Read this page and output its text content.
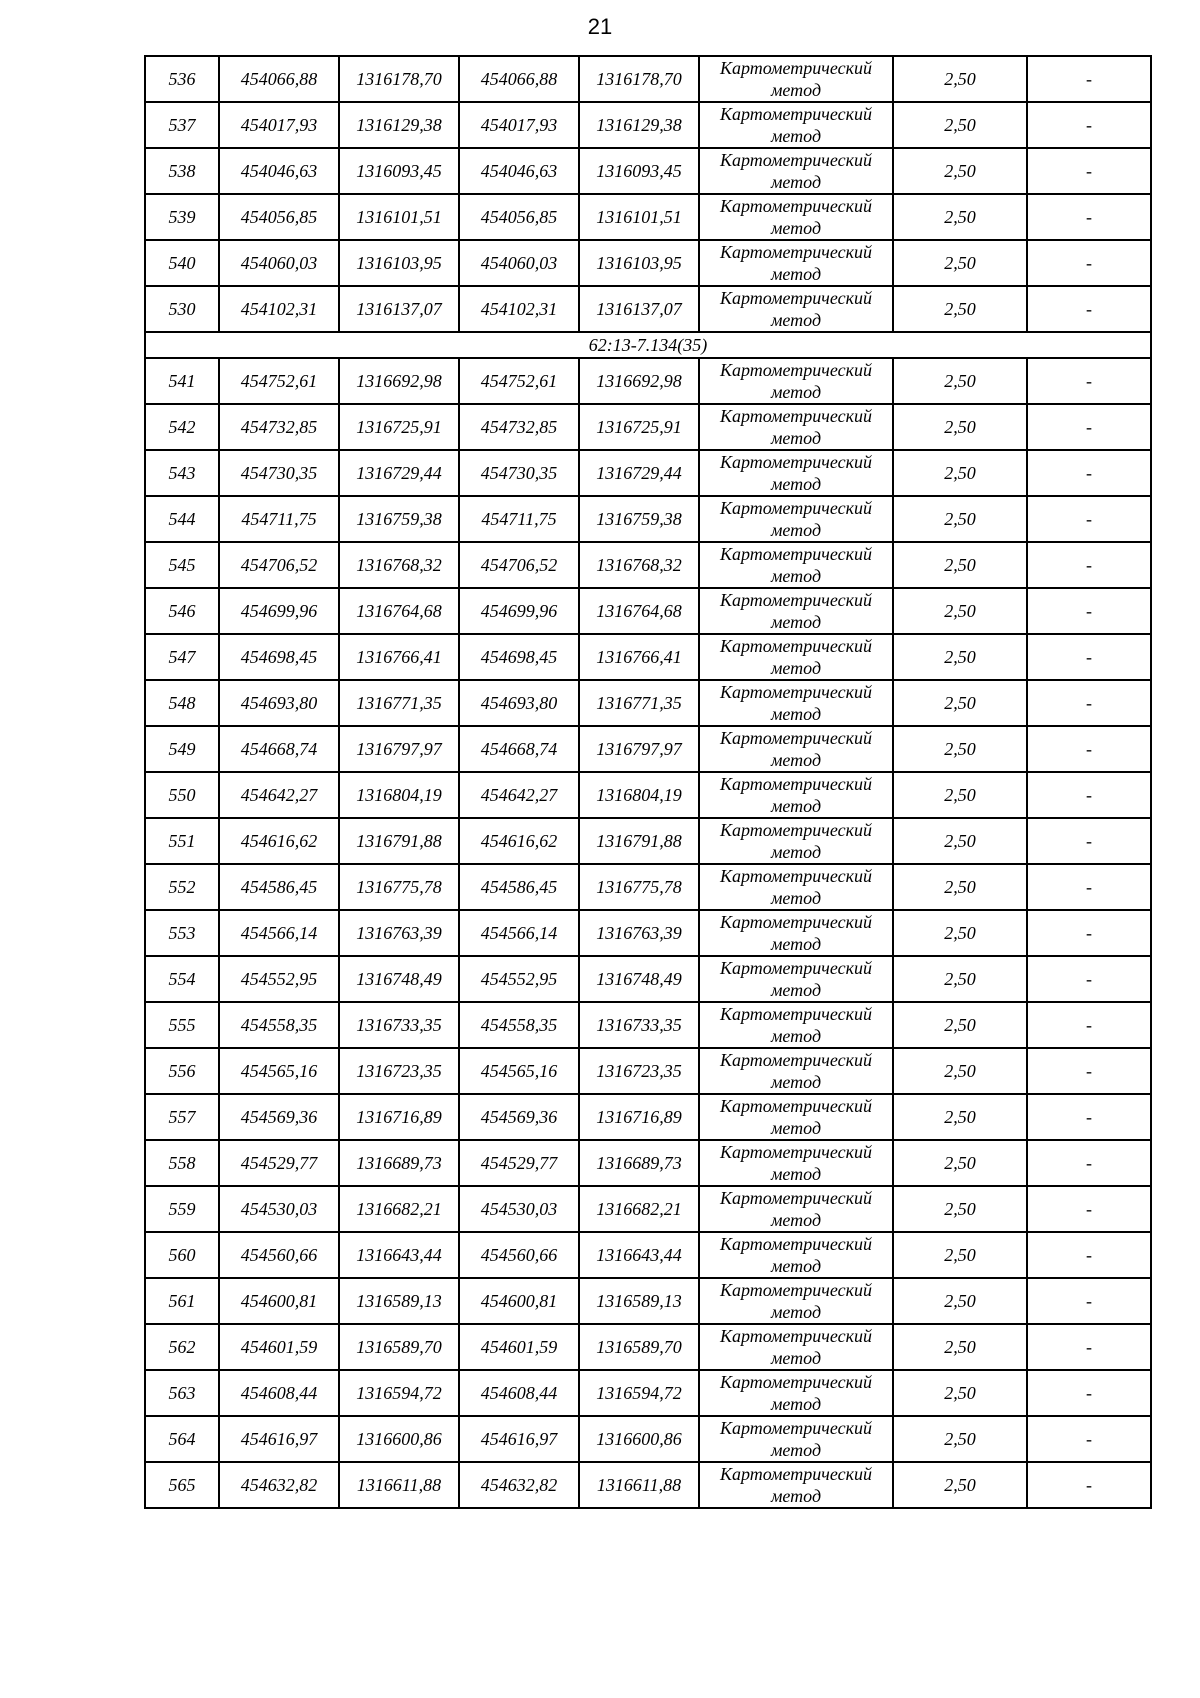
21
536	454066,88	1316178,70	454066,88	1316178,70	Картометрический метод	2,50	-
537	454017,93	1316129,38	454017,93	1316129,38	Картометрический метод	2,50	-
538	454046,63	1316093,45	454046,63	1316093,45	Картометрический метод	2,50	-
539	454056,85	1316101,51	454056,85	1316101,51	Картометрический метод	2,50	-
540	454060,03	1316103,95	454060,03	1316103,95	Картометрический метод	2,50	-
530	454102,31	1316137,07	454102,31	1316137,07	Картометрический метод	2,50	-
62:13-7.134(35)							
541	454752,61	1316692,98	454752,61	1316692,98	Картометрический метод	2,50	-
542	454732,85	1316725,91	454732,85	1316725,91	Картометрический метод	2,50	-
543	454730,35	1316729,44	454730,35	1316729,44	Картометрический метод	2,50	-
544	454711,75	1316759,38	454711,75	1316759,38	Картометрический метод	2,50	-
545	454706,52	1316768,32	454706,52	1316768,32	Картометрический метод	2,50	-
546	454699,96	1316764,68	454699,96	1316764,68	Картометрический метод	2,50	-
547	454698,45	1316766,41	454698,45	1316766,41	Картометрический метод	2,50	-
548	454693,80	1316771,35	454693,80	1316771,35	Картометрический метод	2,50	-
549	454668,74	1316797,97	454668,74	1316797,97	Картометрический метод	2,50	-
550	454642,27	1316804,19	454642,27	1316804,19	Картометрический метод	2,50	-
551	454616,62	1316791,88	454616,62	1316791,88	Картометрический метод	2,50	-
552	454586,45	1316775,78	454586,45	1316775,78	Картометрический метод	2,50	-
553	454566,14	1316763,39	454566,14	1316763,39	Картометрический метод	2,50	-
554	454552,95	1316748,49	454552,95	1316748,49	Картометрический метод	2,50	-
555	454558,35	1316733,35	454558,35	1316733,35	Картометрический метод	2,50	-
556	454565,16	1316723,35	454565,16	1316723,35	Картометрический метод	2,50	-
557	454569,36	1316716,89	454569,36	1316716,89	Картометрический метод	2,50	-
558	454529,77	1316689,73	454529,77	1316689,73	Картометрический метод	2,50	-
559	454530,03	1316682,21	454530,03	1316682,21	Картометрический метод	2,50	-
560	454560,66	1316643,44	454560,66	1316643,44	Картометрический метод	2,50	-
561	454600,81	1316589,13	454600,81	1316589,13	Картометрический метод	2,50	-
562	454601,59	1316589,70	454601,59	1316589,70	Картометрический метод	2,50	-
563	454608,44	1316594,72	454608,44	1316594,72	Картометрический метод	2,50	-
564	454616,97	1316600,86	454616,97	1316600,86	Картометрический метод	2,50	-
565	454632,82	1316611,88	454632,82	1316611,88	Картометрический метод	2,50	-
